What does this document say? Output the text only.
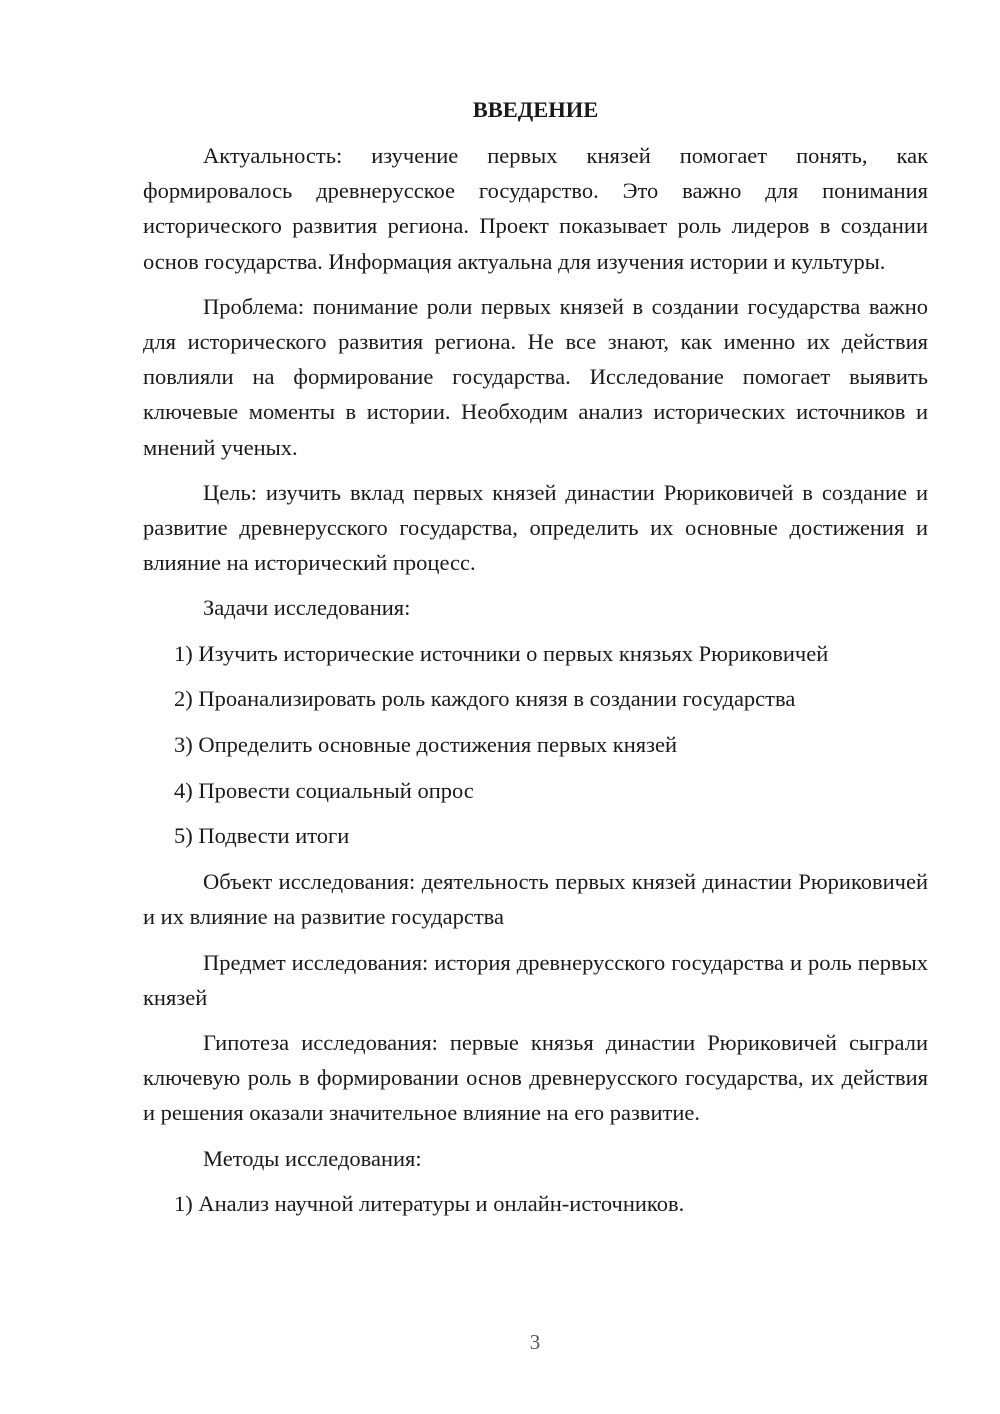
ВВЕДЕНИЕ

Актуальность: изучение первых князей помогает понять, как формировалось древнерусское государство. Это важно для понимания исторического развития региона. Проект показывает роль лидеров в создании основ государства. Информация актуальна для изучения истории и культуры.

Проблема: понимание роли первых князей в создании государства важно для исторического развития региона. Не все знают, как именно их действия повлияли на формирование государства. Исследование помогает выявить ключевые моменты в истории. Необходим анализ исторических источников и мнений ученых.

Цель: изучить вклад первых князей династии Рюриковичей в создание и развитие древнерусского государства, определить их основные достижения и влияние на исторический процесс.

Задачи исследования:

1) Изучить исторические источники о первых князьях Рюриковичей
2) Проанализировать роль каждого князя в создании государства
3) Определить основные достижения первых князей
4) Провести социальный опрос
5) Подвести итоги

Объект исследования: деятельность первых князей династии Рюриковичей и их влияние на развитие государства

Предмет исследования: история древнерусского государства и роль первых князей

Гипотеза исследования: первые князья династии Рюриковичей сыграли ключевую роль в формировании основ древнерусского государства, их действия и решения оказали значительное влияние на его развитие.

Методы исследования:

1) Анализ научной литературы и онлайн-источников.
3
